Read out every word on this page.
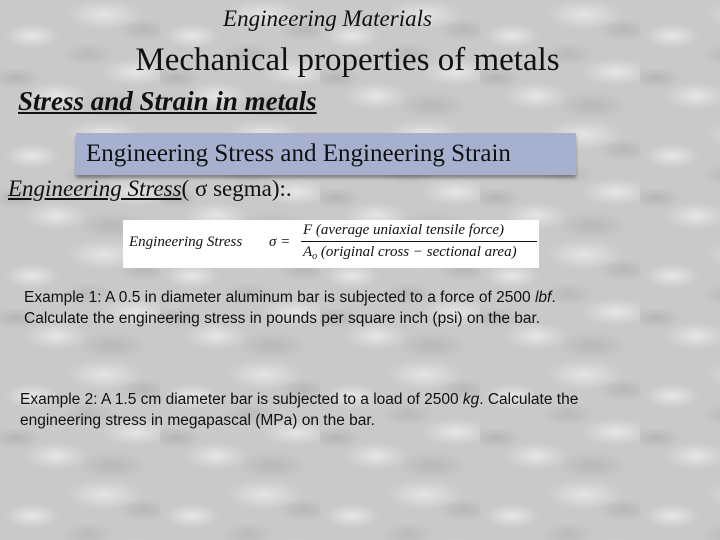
Engineering Materials
Mechanical properties of metals
Stress and Strain in metals
Engineering Stress and Engineering Strain
Engineering Stress( σ segma):.
Engineering Stress σ =
F (average uniaxial tensile force)
$A_o$ (original cross − sectional area)
Example 1: A 0.5 in diameter aluminum bar is subjected to a force of 2500 lbf.
Calculate the engineering stress in pounds per square inch (psi) on the bar.
Example 2: A 1.5 cm diameter bar is subjected to a load of 2500 kg. Calculate the
engineering stress in megapascal (MPa) on the bar.
